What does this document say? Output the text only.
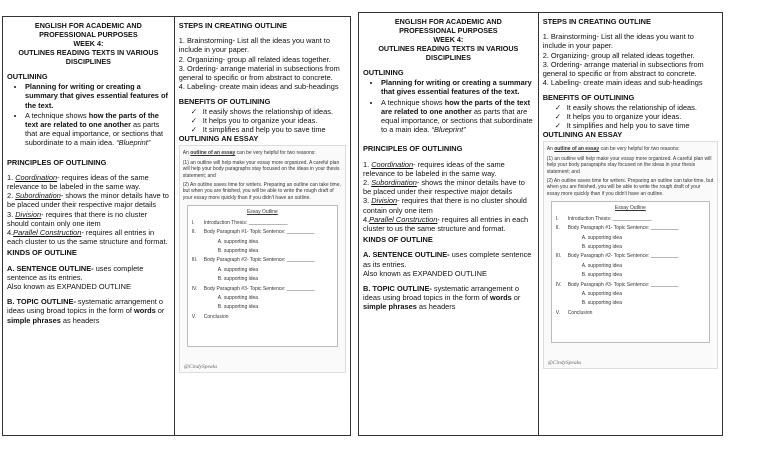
ENGLISH FOR ACADEMIC AND
PROFESSIONAL PURPOSES
WEEK 4:
OUTLINES READING TEXTS IN VARIOUS
DISCIPLINES
OUTLINING
• Planning for writing or creating a summary that gives essential features of the text.
• A technique shows how the parts of the text are related to one another as parts that are equal importance, or sections that subordinate to a main idea. “Blueprint”
PRINCIPLES OF OUTLINING

1. Coordination- requires ideas of the same relevance to be labeled in the same way.

2. Subordination- shows the minor details have to be placed under their respective major details

3. Division- requires that there is no cluster should contain only one item

4.Parallel Construction- requires all entries in each cluster to us the same structure and format.

KINDS OF OUTLINE

A. SENTENCE OUTLINE- uses complete sentence as its entries.

Also known as EXPANDED OUTLINE

B. TOPIC OUTLINE- systematic arrangement o ideas using broad topics in the form of words or simple phrases as headers

STEPS IN CREATING OUTLINE

1. Brainstorming- List all the ideas you want to include in your paper.

2. Organizing- group all related ideas together.

3. Ordering- arrange material in subsections from general to specific or from abstract to concrete.

4. Labeling- create main ideas and sub-headings

BENEFITS OF OUTLINING
✓ It easily shows the relationship of ideas.
✓ It helps you to organize your ideas.
✓ It simplifies and help you to save time
OUTLINING AN ESSAY
An outline of an essay can be very helpful for two reasons:
(1) an outline will help make your essay more organized. A careful plan will help your body paragraphs stay focused on the ideas in your thesis statement; and
(2) An outline saves time for writers. Preparing an outline can take time, but when you are finished, you will be able to write the rough draft of your essay more quickly than if you didn't have an outline.
Essay Outline
I.	Introduction Thesis: ______________
II.	Body Paragraph #1- Topic Sentence: __________
A. supporting idea
B. supporting idea
III.	Body Paragraph #2- Topic Sentence: __________
A. supporting idea
B. supporting idea
IV.	Body Paragraph #3- Topic Sentence: __________
A. supporting idea
B. supporting idea
V.	Conclusion
@CindySpeaks
ENGLISH FOR ACADEMIC AND
PROFESSIONAL PURPOSES
WEEK 4:
OUTLINES READING TEXTS IN VARIOUS
DISCIPLINES
OUTLINING
• Planning for writing or creating a summary that gives essential features of the text.
• A technique shows how the parts of the text are related to one another as parts that are equal importance, or sections that subordinate to a main idea. “Blueprint”
PRINCIPLES OF OUTLINING

1. Coordination- requires ideas of the same relevance to be labeled in the same way.

2. Subordination- shows the minor details have to be placed under their respective major details

3. Division- requires that there is no cluster should contain only one item

4.Parallel Construction- requires all entries in each cluster to us the same structure and format.

KINDS OF OUTLINE

A. SENTENCE OUTLINE- uses complete sentence as its entries.

Also known as EXPANDED OUTLINE

B. TOPIC OUTLINE- systematic arrangement o ideas using broad topics in the form of words or simple phrases as headers

STEPS IN CREATING OUTLINE

1. Brainstorming- List all the ideas you want to include in your paper.

2. Organizing- group all related ideas together.

3. Ordering- arrange material in subsections from general to specific or from abstract to concrete.

4. Labeling- create main ideas and sub-headings

BENEFITS OF OUTLINING
✓ It easily shows the relationship of ideas.
✓ It helps you to organize your ideas.
✓ It simplifies and help you to save time
OUTLINING AN ESSAY
An outline of an essay can be very helpful for two reasons:
(1) an outline will help make your essay more organized. A careful plan will help your body paragraphs stay focused on the ideas in your thesis statement; and
(2) An outline saves time for writers. Preparing an outline can take time, but when you are finished, you will be able to write the rough draft of your essay more quickly than if you didn't have an outline.
Essay Outline
I.	Introduction Thesis: ______________
II.	Body Paragraph #1- Topic Sentence: __________
A. supporting idea
B. supporting idea
III.	Body Paragraph #2- Topic Sentence: __________
A. supporting idea
B. supporting idea
IV.	Body Paragraph #3- Topic Sentence: __________
A. supporting idea
B. supporting idea
V.	Conclusion
@CindySpeaks
